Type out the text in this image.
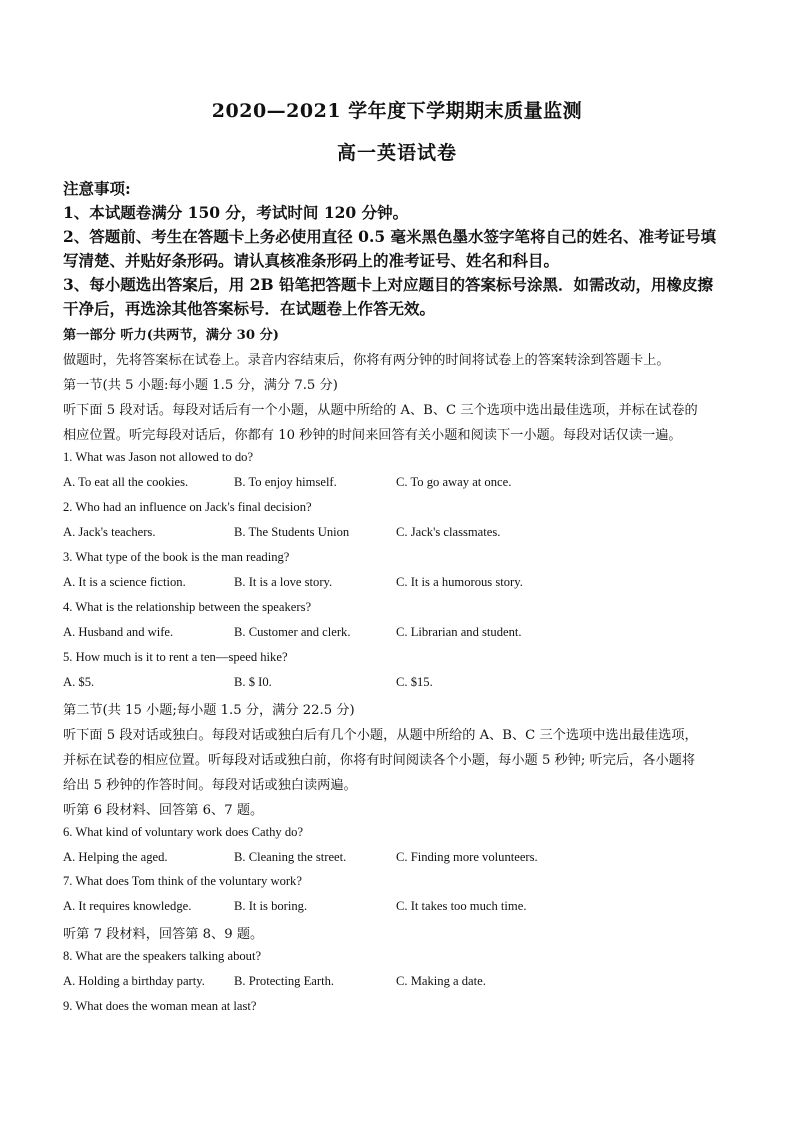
2020—2021 学年度下学期期末质量监测
高一英语试卷
注意事项:
1、本试题卷满分 150 分，考试时间 120 分钟。
2、答题前、考生在答题卡上务必使用直径 0.5 毫米黑色墨水签字笔将自己的姓名、准考证号填
写清楚、并贴好条形码。请认真核准条形码上的准考证号、姓名和科目。
3、每小题选出答案后，用 2B 铅笔把答题卡上对应题目的答案标号涂黑．如需改动，用橡皮擦
干净后，再选涂其他答案标号．在试题卷上作答无效。
第一部分 听力(共两节，满分 30 分)
做题时，先将答案标在试卷上。录音内容结束后，你将有两分钟的时间将试卷上的答案转涂到答题卡上。
第一节(共 5 小题:每小题 1.5 分，满分 7.5 分)
听下面 5 段对话。每段对话后有一个小题，从题中所给的 A、B、C 三个选项中选出最佳选项，并标在试卷的
相应位置。听完每段对话后，你都有 10 秒钟的时间来回答有关小题和阅读下一小题。每段对话仅读一遍。
1. What was Jason not allowed to do?
A. To eat all the cookies.	B. To enjoy himself.	C. To go away at once.
2. Who had an influence on Jack's final decision?
A. Jack's teachers.	B. The Students Union	C. Jack's classmates.
3. What type of the book is the man reading?
A. It is a science fiction.	B. It is a love story.	C. It is a humorous story.
4. What is the relationship between the speakers?
A. Husband and wife.	B. Customer and clerk.	C. Librarian and student.
5. How much is it to rent a ten—speed hike?
A. $5.	B. $ I0.	C. $15.
第二节(共 15 小题;每小题 1.5 分，满分 22.5 分)
听下面 5 段对话或独白。每段对话或独白后有几个小题，从题中所给的 A、B、C 三个选项中选出最佳选项，
并标在试卷的相应位置。听每段对话或独白前，你将有时间阅读各个小题，每小题 5 秒钟; 听完后，各小题将
给出 5 秒钟的作答时间。每段对话或独白读两遍。
听第 6 段材料、回答第 6、7 题。
6. What kind of voluntary work does Cathy do?
A. Helping the aged.	B. Cleaning the street.	C. Finding more volunteers.
7. What does Tom think of the voluntary work?
A. It requires knowledge.	B. It is boring.	C. It takes too much time.
听第 7 段材料，回答第 8、9 题。
8. What are the speakers talking about?
A. Holding a birthday party. B. Protecting Earth.	C. Making a date.
9. What does the woman mean at last?
